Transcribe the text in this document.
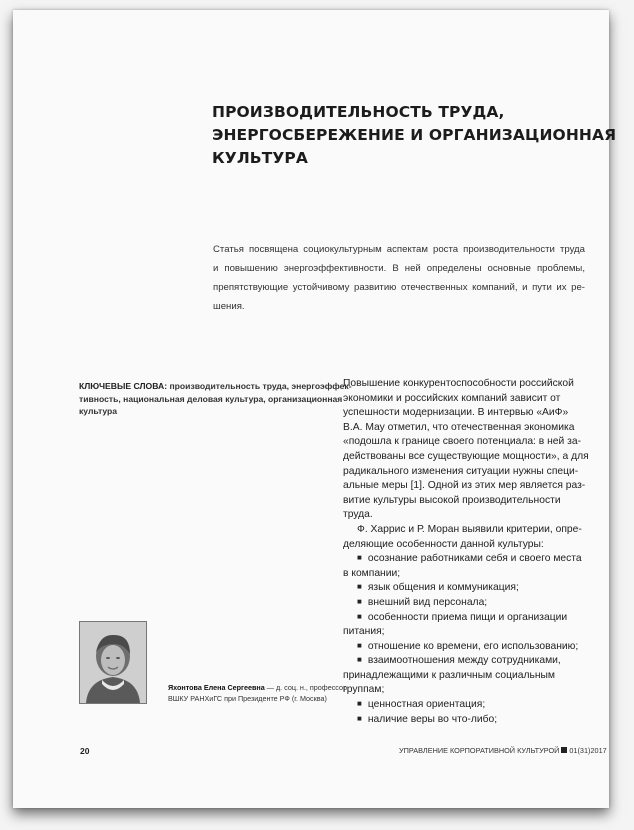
ПРОИЗВОДИТЕЛЬНОСТЬ ТРУДА,
ЭНЕРГОСБЕРЕЖЕНИЕ И ОРГАНИЗАЦИОННАЯ
КУЛЬТУРА
Статья посвящена социокультурным аспектам роста производительности труда
и повышению энергоэффективности. В ней определены основные проблемы,
препятствующие устойчивому развитию отечественных компаний, и пути их ре-
шения.
КЛЮЧЕВЫЕ СЛОВА: производительность труда, энергоэффек-
тивность, национальная деловая культура, организационная
культура
Повышение конкурентоспособности российской
экономики и российских компаний зависит от
успешности модернизации. В интервью «АиФ»
В.А. Мау отметил, что отечественная экономика
«подошла к границе своего потенциала: в ней за-
действованы все существующие мощности», а для
радикального изменения ситуации нужны специ-
альные меры [1]. Одной из этих мер является раз-
витие культуры высокой производительности
труда.
Ф. Харрис и Р. Моран выявили критерии, опре-
деляющие особенности данной культуры:
■ осознание работниками себя и своего места
в компании;
■ язык общения и коммуникация;
■ внешний вид персонала;
■ особенности приема пищи и организации
питания;
■ отношение ко времени, его использованию;
■ взаимоотношения между сотрудниками,
принадлежащими к различным социальным
группам;
■ ценностная ориентация;
■ наличие веры во что-либо;
Яхонтова Елена Сергеевна — д. соц. н., профессор
ВШКУ РАНХиГС при Президенте РФ (г. Москва)
20	УПРАВЛЕНИЕ КОРПОРАТИВНОЙ КУЛЬТУРОЙ 01(31)2017
